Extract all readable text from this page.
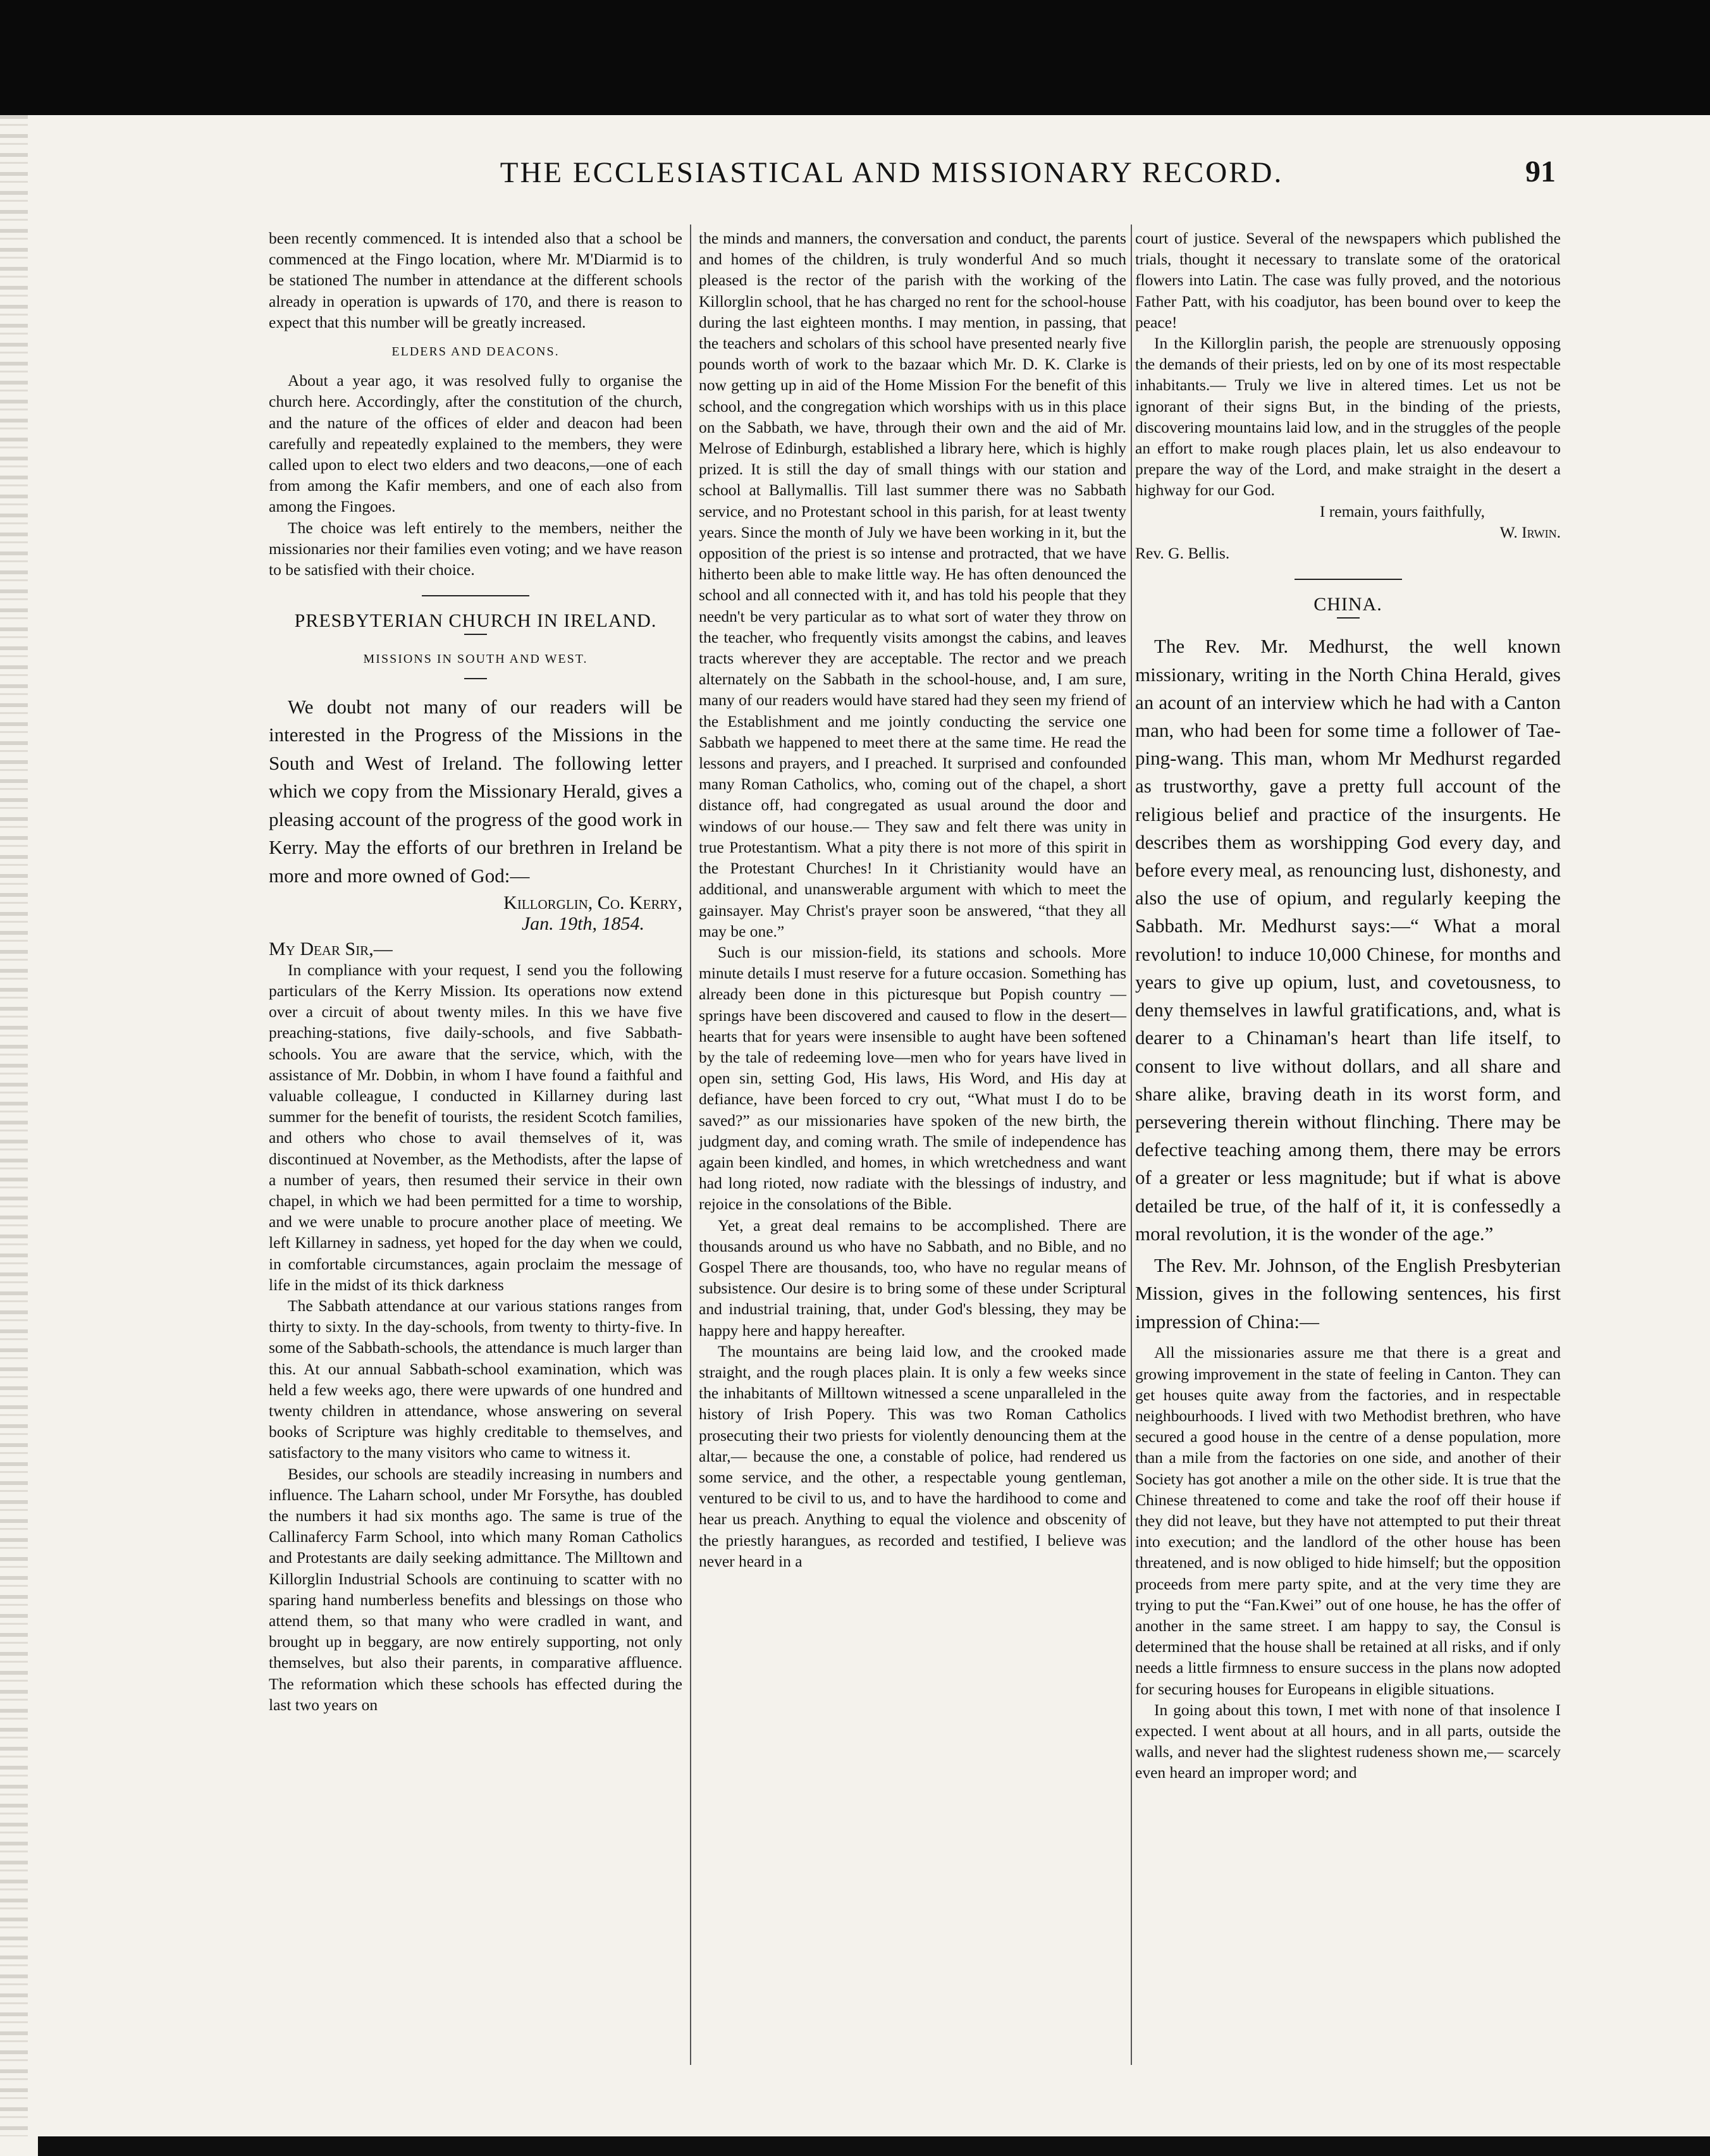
THE ECCLESIASTICAL AND MISSIONARY RECORD.	91

been recently commenced. It is intended also that a school be commenced at the Fingo location, where Mr. M'Diarmid is to be stationed The number in attendance at the different schools already in operation is upwards of 170, and there is reason to expect that this number will be greatly increased.

ELDERS AND DEACONS.

About a year ago, it was resolved fully to organise the church here. Accordingly, after the constitution of the church, and the nature of the offices of elder and deacon had been carefully and repeatedly explained to the members, they were called upon to elect two elders and two deacons,—one of each from among the Kafir members, and one of each also from among the Fingoes.

The choice was left entirely to the members, neither the missionaries nor their families even voting; and we have reason to be satisfied with their choice.

PRESBYTERIAN CHURCH IN IRELAND.
MISSIONS IN SOUTH AND WEST.

We doubt not many of our readers will be interested in the Progress of the Missions in the South and West of Ireland. The following letter which we copy from the Missionary Herald, gives a pleasing account of the progress of the good work in Kerry. May the efforts of our brethren in Ireland be more and more owned of God:—

Killorglin, Co. Kerry,

Jan. 19th, 1854.

My Dear Sir,—

In compliance with your request, I send you the following particulars of the Kerry Mission. Its operations now extend over a circuit of about twenty miles. In this we have five preaching-stations, five daily-schools, and five Sabbath-schools. You are aware that the service, which, with the assistance of Mr. Dobbin, in whom I have found a faithful and valuable colleague, I conducted in Killarney during last summer for the benefit of tourists, the resident Scotch families, and others who chose to avail themselves of it, was discontinued at November, as the Methodists, after the lapse of a number of years, then resumed their service in their own chapel, in which we had been permitted for a time to worship, and we were unable to procure another place of meeting. We left Killarney in sadness, yet hoped for the day when we could, in comfortable circumstances, again proclaim the message of life in the midst of its thick darkness

The Sabbath attendance at our various stations ranges from thirty to sixty. In the day-schools, from twenty to thirty-five. In some of the Sabbath-schools, the attendance is much larger than this. At our annual Sabbath-school examination, which was held a few weeks ago, there were upwards of one hundred and twenty children in attendance, whose answering on several books of Scripture was highly creditable to themselves, and satisfactory to the many visitors who came to witness it.

Besides, our schools are steadily increasing in numbers and influence. The Laharn school, under Mr Forsythe, has doubled the numbers it had six months ago. The same is true of the Callinafercy Farm School, into which many Roman Catholics and Protestants are daily seeking admittance. The Milltown and Killorglin Industrial Schools are continuing to scatter with no sparing hand numberless benefits and blessings on those who attend them, so that many who were cradled in want, and brought up in beggary, are now entirely supporting, not only themselves, but also their parents, in comparative affluence. The reformation which these schools has effected during the last two years on

the minds and manners, the conversation and conduct, the parents and homes of the children, is truly wonderful And so much pleased is the rector of the parish with the working of the Killorglin school, that he has charged no rent for the school-house during the last eighteen months. I may mention, in passing, that the teachers and scholars of this school have presented nearly five pounds worth of work to the bazaar which Mr. D. K. Clarke is now getting up in aid of the Home Mission For the benefit of this school, and the congregation which worships with us in this place on the Sabbath, we have, through their own and the aid of Mr. Melrose of Edinburgh, established a library here, which is highly prized. It is still the day of small things with our station and school at Ballymallis. Till last summer there was no Sabbath service, and no Protestant school in this parish, for at least twenty years. Since the month of July we have been working in it, but the opposition of the priest is so intense and protracted, that we have hitherto been able to make little way. He has often denounced the school and all connected with it, and has told his people that they needn't be very particular as to what sort of water they throw on the teacher, who frequently visits amongst the cabins, and leaves tracts wherever they are acceptable. The rector and we preach alternately on the Sabbath in the school-house, and, I am sure, many of our readers would have stared had they seen my friend of the Establishment and me jointly conducting the service one Sabbath we happened to meet there at the same time. He read the lessons and prayers, and I preached. It surprised and confounded many Roman Catholics, who, coming out of the chapel, a short distance off, had congregated as usual around the door and windows of our house.— They saw and felt there was unity in true Protestantism. What a pity there is not more of this spirit in the Protestant Churches! In it Christianity would have an additional, and unanswerable argument with which to meet the gainsayer. May Christ's prayer soon be answered, “that they all may be one.”

Such is our mission-field, its stations and schools. More minute details I must reserve for a future occasion. Something has already been done in this picturesque but Popish country —springs have been discovered and caused to flow in the desert—hearts that for years were insensible to aught have been softened by the tale of redeeming love—men who for years have lived in open sin, setting God, His laws, His Word, and His day at defiance, have been forced to cry out, “What must I do to be saved?” as our missionaries have spoken of the new birth, the judgment day, and coming wrath. The smile of independence has again been kindled, and homes, in which wretchedness and want had long rioted, now radiate with the blessings of industry, and rejoice in the consolations of the Bible.

Yet, a great deal remains to be accomplished. There are thousands around us who have no Sabbath, and no Bible, and no Gospel There are thousands, too, who have no regular means of subsistence. Our desire is to bring some of these under Scriptural and industrial training, that, under God's blessing, they may be happy here and happy hereafter.

The mountains are being laid low, and the crooked made straight, and the rough places plain. It is only a few weeks since the inhabitants of Milltown witnessed a scene unparalleled in the history of Irish Popery. This was two Roman Catholics prosecuting their two priests for violently denouncing them at the altar,— because the one, a constable of police, had rendered us some service, and the other, a respectable young gentleman, ventured to be civil to us, and to have the hardihood to come and hear us preach. Anything to equal the violence and obscenity of the priestly harangues, as recorded and testified, I believe was never heard in a

court of justice. Several of the newspapers which published the trials, thought it necessary to translate some of the oratorical flowers into Latin. The case was fully proved, and the notorious Father Patt, with his coadjutor, has been bound over to keep the peace!

In the Killorglin parish, the people are strenuously opposing the demands of their priests, led on by one of its most respectable inhabitants.— Truly we live in altered times. Let us not be ignorant of their signs But, in the binding of the priests, discovering mountains laid low, and in the struggles of the people an effort to make rough places plain, let us also endeavour to prepare the way of the Lord, and make straight in the desert a highway for our God.

I remain, yours faithfully,

W. Irwin.

Rev. G. Bellis.

CHINA.

The Rev. Mr. Medhurst, the well known missionary, writing in the North China Herald, gives an acount of an interview which he had with a Canton man, who had been for some time a follower of Tae-ping-wang. This man, whom Mr Medhurst regarded as trustworthy, gave a pretty full account of the religious belief and practice of the insurgents. He describes them as worshipping God every day, and before every meal, as renouncing lust, dishonesty, and also the use of opium, and regularly keeping the Sabbath. Mr. Medhurst says:—“ What a moral revolution! to induce 10,000 Chinese, for months and years to give up opium, lust, and covetousness, to deny themselves in lawful gratifications, and, what is dearer to a Chinaman's heart than life itself, to consent to live without dollars, and all share and share alike, braving death in its worst form, and persevering therein without flinching. There may be defective teaching among them, there may be errors of a greater or less magnitude; but if what is above detailed be true, of the half of it, it is confessedly a moral revolution, it is the wonder of the age.”

The Rev. Mr. Johnson, of the English Presbyterian Mission, gives in the following sentences, his first impression of China:—

All the missionaries assure me that there is a great and growing improvement in the state of feeling in Canton. They can get houses quite away from the factories, and in respectable neighbourhoods. I lived with two Methodist brethren, who have secured a good house in the centre of a dense population, more than a mile from the factories on one side, and another of their Society has got another a mile on the other side. It is true that the Chinese threatened to come and take the roof off their house if they did not leave, but they have not attempted to put their threat into execution; and the landlord of the other house has been threatened, and is now obliged to hide himself; but the opposition proceeds from mere party spite, and at the very time they are trying to put the “Fan.Kwei” out of one house, he has the offer of another in the same street. I am happy to say, the Consul is determined that the house shall be retained at all risks, and if only needs a little firmness to ensure success in the plans now adopted for securing houses for Europeans in eligible situations.

In going about this town, I met with none of that insolence I expected. I went about at all hours, and in all parts, outside the walls, and never had the slightest rudeness shown me,— scarcely even heard an improper word; and
